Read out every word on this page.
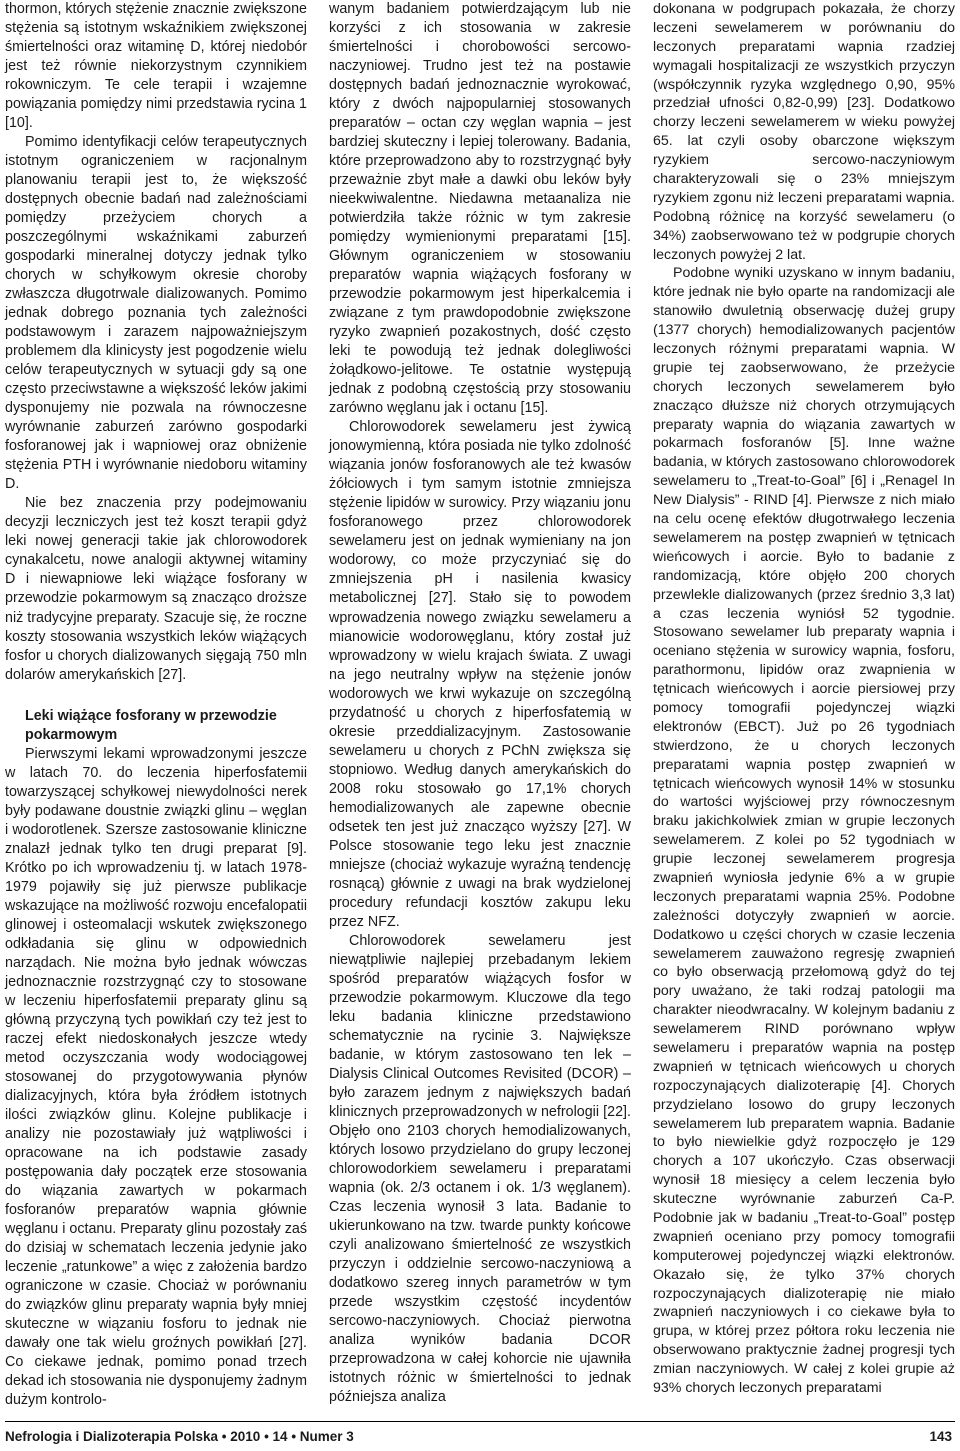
thormon, których stężenie znacznie zwiększone stężenia są istotnym wskaźnikiem zwiększonej śmiertelności oraz witaminę D, której niedobór jest też równie niekorzystnym czynnikiem rokowniczym. Te cele terapii i wzajemne powiązania pomiędzy nimi przedstawia rycina 1 [10].

Pomimo identyfikacji celów terapeutycznych istotnym ograniczeniem w racjonalnym planowaniu terapii jest to, że większość dostępnych obecnie badań nad zależnościami pomiędzy przeżyciem chorych a poszczególnymi wskaźnikami zaburzeń gospodarki mineralnej dotyczy jednak tylko chorych w schyłkowym okresie choroby zwłaszcza długotrwale dializowanych. Pomimo jednak dobrego poznania tych zależności podstawowym i zarazem najpoważniejszym problemem dla klinicysty jest pogodzenie wielu celów terapeutycznych w sytuacji gdy są one często przeciwstawne a większość leków jakimi dysponujemy nie pozwala na równoczesne wyrównanie zaburzeń zarówno gospodarki fosforanowej jak i wapniowej oraz obniżenie stężenia PTH i wyrównanie niedoboru witaminy D.

Nie bez znaczenia przy podejmowaniu decyzji leczniczych jest też koszt terapii gdyż leki nowej generacji takie jak chlorowodorek cynakalcetu, nowe analogii aktywnej witaminy D i niewapniowe leki wiążące fosforany w przewodzie pokarmowym są znacząco droższe niż tradycyjne preparaty. Szacuje się, że roczne koszty stosowania wszystkich leków wiążących fosfor u chorych dializowanych sięgają 750 mln dolarów amerykańskich [27].

Leki wiążące fosforany w przewodzie pokarmowym

Pierwszymi lekami wprowadzonymi jeszcze w latach 70. do leczenia hiperfosfatemii towarzyszącej schyłkowej niewydolności nerek były podawane doustnie związki glinu – węglan i wodorotlenek. Szersze zastosowanie kliniczne znalazł jednak tylko ten drugi preparat [9]. Krótko po ich wprowadzeniu tj. w latach 1978-1979 pojawiły się już pierwsze publikacje wskazujące na możliwość rozwoju encefalopatii glinowej i osteomalacji wskutek zwiększonego odkładania się glinu w odpowiednich narządach. Nie można było jednak wówczas jednoznacznie rozstrzygnąć czy to stosowane w leczeniu hiperfosfatemii preparaty glinu są główną przyczyną tych powikłań czy też jest to raczej efekt niedoskonałych jeszcze wtedy metod oczyszczania wody wodociągowej stosowanej do przygotowywania płynów dializacyjnych, która była źródłem istotnych ilości związków glinu. Kolejne publikacje i analizy nie pozostawiały już wątpliwości i opracowane na ich podstawie zasady postępowania dały początek erze stosowania do wiązania zawartych w pokarmach fosforanów preparatów wapnia głównie węglanu i octanu. Preparaty glinu pozostały zaś do dzisiaj w schematach leczenia jedynie jako leczenie „ratunkowe” a więc z założenia bardzo ograniczone w czasie. Chociaż w porównaniu do związków glinu preparaty wapnia były mniej skuteczne w wiązaniu fosforu to jednak nie dawały one tak wielu groźnych powikłań [27]. Co ciekawe jednak, pomimo ponad trzech dekad ich stosowania nie dysponujemy żadnym dużym kontrolo-

wanym badaniem potwierdzającym lub nie korzyści z ich stosowania w zakresie śmiertelności i chorobowości sercowo-naczyniowej. Trudno jest też na postawie dostępnych badań jednoznacznie wyrokować, który z dwóch najpopularniej stosowanych preparatów – octan czy węglan wapnia – jest bardziej skuteczny i lepiej tolerowany. Badania, które przeprowadzono aby to rozstrzygnąć były przeważnie zbyt małe a dawki obu leków były nieekwiwalentne. Niedawna metaanaliza nie potwierdziła także różnic w tym zakresie pomiędzy wymienionymi preparatami [15]. Głównym ograniczeniem w stosowaniu preparatów wapnia wiążących fosforany w przewodzie pokarmowym jest hiperkalcemia i związane z tym prawdopodobnie zwiększone ryzyko zwapnień pozakostnych, dość często leki te powodują też jednak dolegliwości żołądkowo-jelitowe. Te ostatnie występują jednak z podobną częstością przy stosowaniu zarówno węglanu jak i octanu [15].

Chlorowodorek sewelameru jest żywicą jonowymienną, która posiada nie tylko zdolność wiązania jonów fosforanowych ale też kwasów żółciowych i tym samym istotnie zmniejsza stężenie lipidów w surowicy. Przy wiązaniu jonu fosforanowego przez chlorowodorek sewelameru jest on jednak wymieniany na jon wodorowy, co może przyczyniać się do zmniejszenia pH i nasilenia kwasicy metabolicznej [27]. Stało się to powodem wprowadzenia nowego związku sewelameru a mianowicie wodorowęglanu, który został już wprowadzony w wielu krajach świata. Z uwagi na jego neutralny wpływ na stężenie jonów wodorowych we krwi wykazuje on szczególną przydatność u chorych z hiperfosfatemią w okresie przeddializacyjnym. Zastosowanie sewelameru u chorych z PChN zwiększa się stopniowo. Według danych amerykańskich do 2008 roku stosowało go 17,1% chorych hemodializowanych ale zapewne obecnie odsetek ten jest już znacząco wyższy [27]. W Polsce stosowanie tego leku jest znacznie mniejsze (chociaż wykazuje wyraźną tendencję rosnącą) głównie z uwagi na brak wydzielonej procedury refundacji kosztów zakupu leku przez NFZ.

Chlorowodorek sewelameru jest niewątpliwie najlepiej przebadanym lekiem spośród preparatów wiążących fosfor w przewodzie pokarmowym. Kluczowe dla tego leku badania kliniczne przedstawiono schematycznie na rycinie 3. Największe badanie, w którym zastosowano ten lek – Dialysis Clinical Outcomes Revisited (DCOR) – było zarazem jednym z największych badań klinicznych przeprowadzonych w nefrologii [22]. Objęło ono 2103 chorych hemodializowanych, których losowo przydzielano do grupy leczonej chlorowodorkiem sewelameru i preparatami wapnia (ok. 2/3 octanem i ok. 1/3 węglanem). Czas leczenia wynosił 3 lata. Badanie to ukierunkowano na tzw. twarde punkty końcowe czyli analizowano śmiertelność ze wszystkich przyczyn i oddzielnie sercowo-naczyniową a dodatkowo szereg innych parametrów w tym przede wszystkim częstość incydentów sercowo-naczyniowych. Chociaż pierwotna analiza wyników badania DCOR przeprowadzona w całej kohorcie nie ujawniła istotnych różnic w śmiertelności to jednak późniejsza analiza

dokonana w podgrupach pokazała, że chorzy leczeni sewelamerem w porównaniu do leczonych preparatami wapnia rzadziej wymagali hospitalizacji ze wszystkich przyczyn (współczynnik ryzyka względnego 0,90, 95% przedział ufności 0,82-0,99) [23]. Dodatkowo chorzy leczeni sewelamerem w wieku powyżej 65. lat czyli osoby obarczone większym ryzykiem sercowo-naczyniowym charakteryzowali się o 23% mniejszym ryzykiem zgonu niż leczeni preparatami wapnia. Podobną różnicę na korzyść sewelameru (o 34%) zaobserwowano też w podgrupie chorych leczonych powyżej 2 lat.

Podobne wyniki uzyskano w innym badaniu, które jednak nie było oparte na randomizacji ale stanowiło dwuletnią obserwację dużej grupy (1377 chorych) hemodializowanych pacjentów leczonych różnymi preparatami wapnia. W grupie tej zaobserwowano, że przeżycie chorych leczonych sewelamerem było znacząco dłuższe niż chorych otrzymujących preparaty wapnia do wiązania zawartych w pokarmach fosforanów [5]. Inne ważne badania, w których zastosowano chlorowodorek sewelameru to „Treat-to-Goal” [6] i „Renagel In New Dialysis” - RIND [4]. Pierwsze z nich miało na celu ocenę efektów długotrwałego leczenia sewelamerem na postęp zwapnień w tętnicach wieńcowych i aorcie. Było to badanie z randomizacją, które objęło 200 chorych przewlekle dializowanych (przez średnio 3,3 lat) a czas leczenia wyniósł 52 tygodnie. Stosowano sewelamer lub preparaty wapnia i oceniano stężenia w surowicy wapnia, fosforu, parathormonu, lipidów oraz zwapnienia w tętnicach wieńcowych i aorcie piersiowej przy pomocy tomografii pojedynczej wiązki elektronów (EBCT). Już po 26 tygodniach stwierdzono, że u chorych leczonych preparatami wapnia postęp zwapnień w tętnicach wieńcowych wynosił 14% w stosunku do wartości wyjściowej przy równoczesnym braku jakichkolwiek zmian w grupie leczonych sewelamerem. Z kolei po 52 tygodniach w grupie leczonej sewelamerem progresja zwapnień wyniosła jedynie 6% a w grupie leczonych preparatami wapnia 25%. Podobne zależności dotyczyły zwapnień w aorcie. Dodatkowo u części chorych w czasie leczenia sewelamerem zauważono regresję zwapnień co było obserwacją przełomową gdyż do tej pory uważano, że taki rodzaj patologii ma charakter nieodwracalny. W kolejnym badaniu z sewelamerem RIND porównano wpływ sewelameru i preparatów wapnia na postęp zwapnień w tętnicach wieńcowych u chorych rozpoczynających dializoterapię [4]. Chorych przydzielano losowo do grupy leczonych sewelamerem lub preparatem wapnia. Badanie to było niewielkie gdyż rozpoczęło je 129 chorych a 107 ukończyło. Czas obserwacji wynosił 18 miesięcy a celem leczenia było skuteczne wyrównanie zaburzeń Ca-P. Podobnie jak w badaniu „Treat-to-Goal” postęp zwapnień oceniano przy pomocy tomografii komputerowej pojedynczej wiązki elektronów. Okazało się, że tylko 37% chorych rozpoczynających dializoterapię nie miało zwapnień naczyniowych i co ciekawe była to grupa, w której przez półtora roku leczenia nie obserwowano praktycznie żadnej progresji tych zmian naczyniowych. W całej z kolei grupie aż 93% chorych leczonych preparatami

Nefrologia i Dializoterapia Polska • 2010 • 14 • Numer 3	143
